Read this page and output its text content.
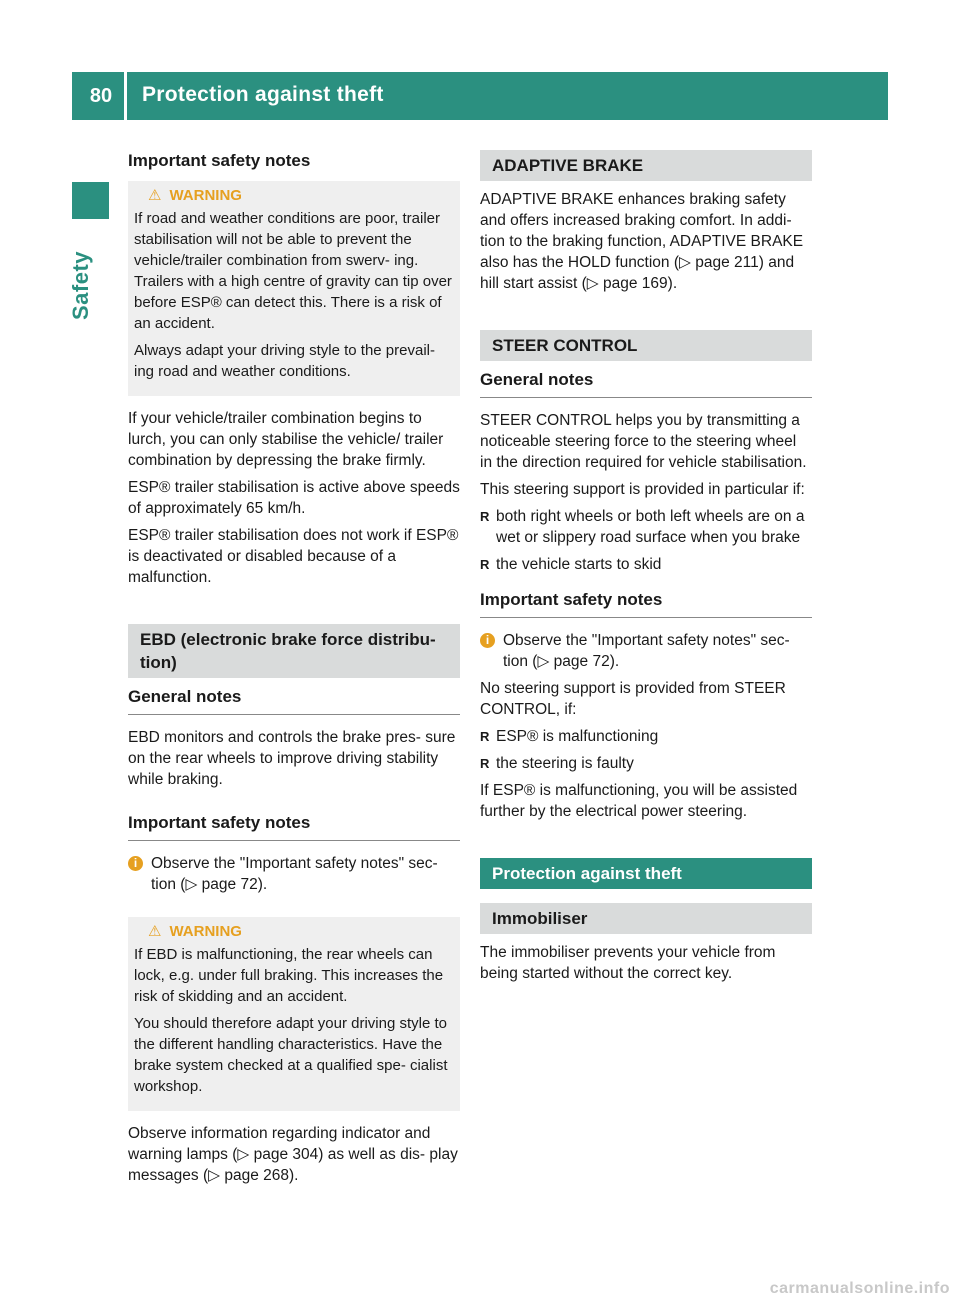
80	Protection against theft
Safety
Important safety notes
⚠ WARNING

If road and weather conditions are poor, trailer stabilisation will not be able to prevent the vehicle/trailer combination from swerv- ing. Trailers with a high centre of gravity can tip over before ESP® can detect this. There is a risk of an accident.

Always adapt your driving style to the prevail- ing road and weather conditions.

If your vehicle/trailer combination begins to lurch, you can only stabilise the vehicle/ trailer combination by depressing the brake firmly.

ESP® trailer stabilisation is active above speeds of approximately 65 km/h.

ESP® trailer stabilisation does not work if ESP® is deactivated or disabled because of a malfunction.

EBD (electronic brake force distribu- tion)
General notes

EBD monitors and controls the brake pres- sure on the rear wheels to improve driving stability while braking.

Important safety notes
i Observe the "Important safety notes" sec- tion (▷ page 72).
⚠ WARNING

If EBD is malfunctioning, the rear wheels can lock, e.g. under full braking. This increases the risk of skidding and an accident.

You should therefore adapt your driving style to the different handling characteristics. Have the brake system checked at a qualified spe- cialist workshop.

Observe information regarding indicator and warning lamps (▷ page 304) as well as dis- play messages (▷ page 268).

ADAPTIVE BRAKE

ADAPTIVE BRAKE enhances braking safety and offers increased braking comfort. In addi- tion to the braking function, ADAPTIVE BRAKE also has the HOLD function (▷ page 211) and hill start assist (▷ page 169).

STEER CONTROL
General notes

STEER CONTROL helps you by transmitting a noticeable steering force to the steering wheel in the direction required for vehicle stabilisation.

This steering support is provided in particular if:

R both right wheels or both left wheels are on a wet or slippery road surface when you brake
R the vehicle starts to skid
Important safety notes
i Observe the "Important safety notes" sec- tion (▷ page 72).

No steering support is provided from STEER CONTROL, if:

R ESP® is malfunctioning
R the steering is faulty

If ESP® is malfunctioning, you will be assisted further by the electrical power steering.

Protection against theft
Immobiliser

The immobiliser prevents your vehicle from being started without the correct key.

carmanualsonline.info
